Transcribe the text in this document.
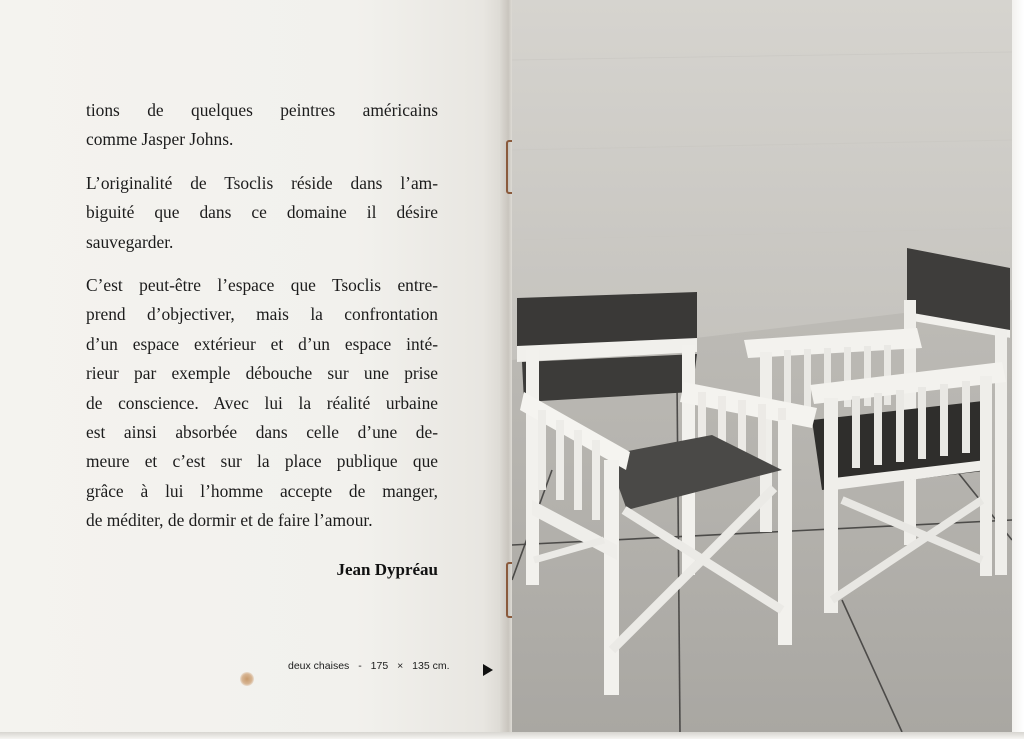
tions de quelques peintres américains
comme Jasper Johns.

L’originalité de Tsoclis réside dans l’am-
biguité que dans ce domaine il désire
sauvegarder.

C’est peut-être l’espace que Tsoclis entre-
prend d’objectiver, mais la confrontation
d’un espace extérieur et d’un espace inté-
rieur par exemple débouche sur une prise
de conscience. Avec lui la réalité urbaine
est ainsi absorbée dans celle d’une de-
meure et c’est sur la place publique que
grâce à lui l’homme accepte de manger,
de méditer, de dormir et de faire l’amour.

Jean Dypréau
deux chaises - 175 × 135 cm.
